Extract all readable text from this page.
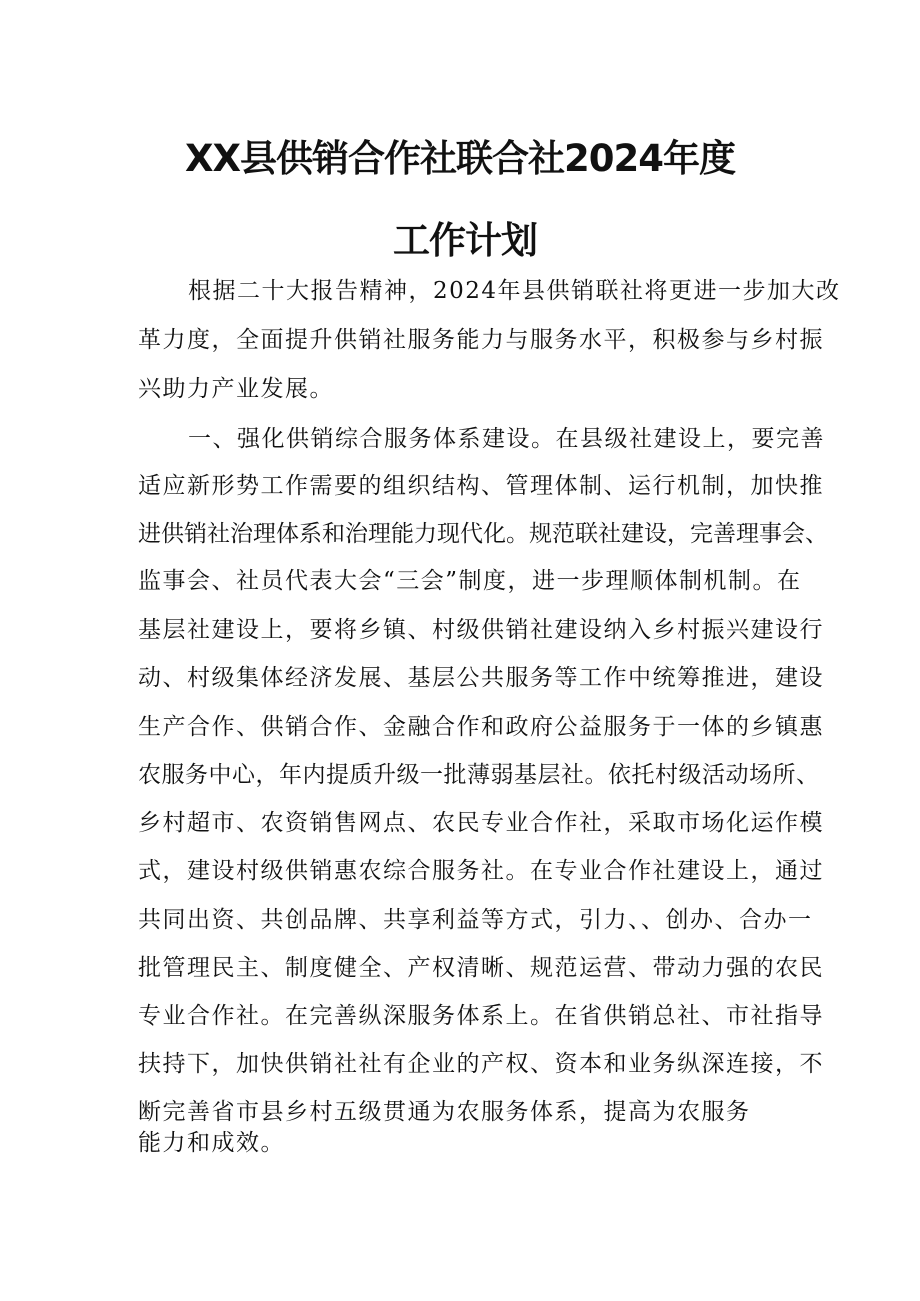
XX县供销合作社联合社2024年度
工作计划
根据二十大报告精神，2024年县供销联社将更进一步加大改
革力度，全面提升供销社服务能力与服务水平，积极参与乡村振
兴助力产业发展。
一、强化供销综合服务体系建设。在县级社建设上，要完善
适应新形势工作需要的组织结构、管理体制、运行机制，加快推
进供销社治理体系和治理能力现代化。规范联社建设，完善理事会、
监事会、社员代表大会“三会”制度，进一步理顺体制机制。在
基层社建设上，要将乡镇、村级供销社建设纳入乡村振兴建设行
动、村级集体经济发展、基层公共服务等工作中统筹推进，建设
生产合作、供销合作、金融合作和政府公益服务于一体的乡镇惠
农服务中心，年内提质升级一批薄弱基层社。依托村级活动场所、
乡村超市、农资销售网点、农民专业合作社，采取市场化运作模
式，建设村级供销惠农综合服务社。在专业合作社建设上，通过
共同出资、共创品牌、共享利益等方式，引力、、创办、合办一
批管理民主、制度健全、产权清晰、规范运营、带动力强的农民
专业合作社。在完善纵深服务体系上。在省供销总社、市社指导
扶持下，加快供销社社有企业的产权、资本和业务纵深连接，不
断完善省市县乡村五级贯通为农服务体系，提高为农服务
能力和成效。
